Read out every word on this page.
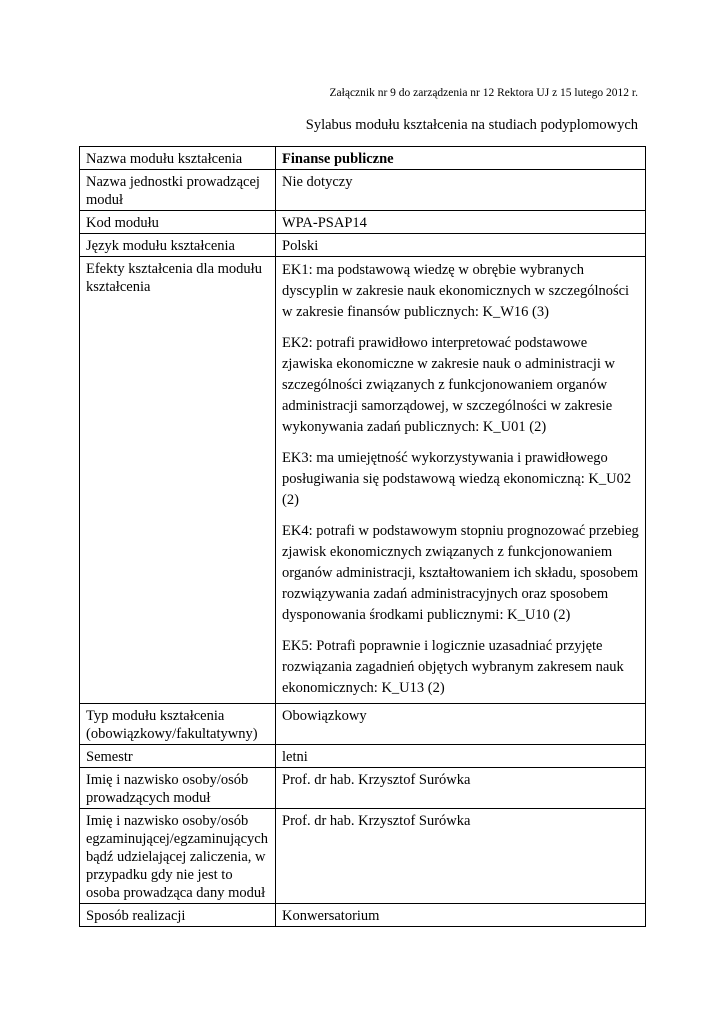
Załącznik nr 9 do zarządzenia nr 12 Rektora UJ z 15 lutego 2012 r.
Sylabus modułu kształcenia na studiach podyplomowych
Nazwa modułu kształcenia	Finanse publiczne
Nazwa jednostki prowadzącej moduł	Nie dotyczy
Kod modułu	WPA-PSAP14
Język modułu kształcenia	Polski
Efekty kształcenia dla modułu kształcenia	EK1: ma podstawową wiedzę w obrębie wybranych dyscyplin w zakresie nauk ekonomicznych w szczególności w zakresie finansów publicznych: K_W16 (3)

EK2: potrafi prawidłowo interpretować podstawowe zjawiska ekonomiczne w zakresie nauk o administracji w szczególności związanych z funkcjonowaniem organów administracji samorządowej, w szczególności w zakresie wykonywania zadań publicznych: K_U01 (2)

EK3: ma umiejętność wykorzystywania i prawidłowego posługiwania się podstawową wiedzą ekonomiczną: K_U02 (2)

EK4: potrafi w podstawowym stopniu prognozować przebieg zjawisk ekonomicznych związanych z funkcjonowaniem organów administracji, kształtowaniem ich składu, sposobem rozwiązywania zadań administracyjnych oraz sposobem dysponowania środkami publicznymi: K_U10 (2)

EK5: Potrafi poprawnie i logicznie uzasadniać przyjęte rozwiązania zagadnień objętych wybranym zakresem nauk ekonomicznych: K_U13 (2)

Typ modułu kształcenia (obowiązkowy/fakultatywny)	Obowiązkowy
Semestr	letni
Imię i nazwisko osoby/osób prowadzących moduł	Prof. dr hab. Krzysztof Surówka
Imię i nazwisko osoby/osób egzaminującej/egzaminujących bądź udzielającej zaliczenia, w przypadku gdy nie jest to osoba prowadząca dany moduł	Prof. dr hab. Krzysztof Surówka
Sposób realizacji	Konwersatorium
